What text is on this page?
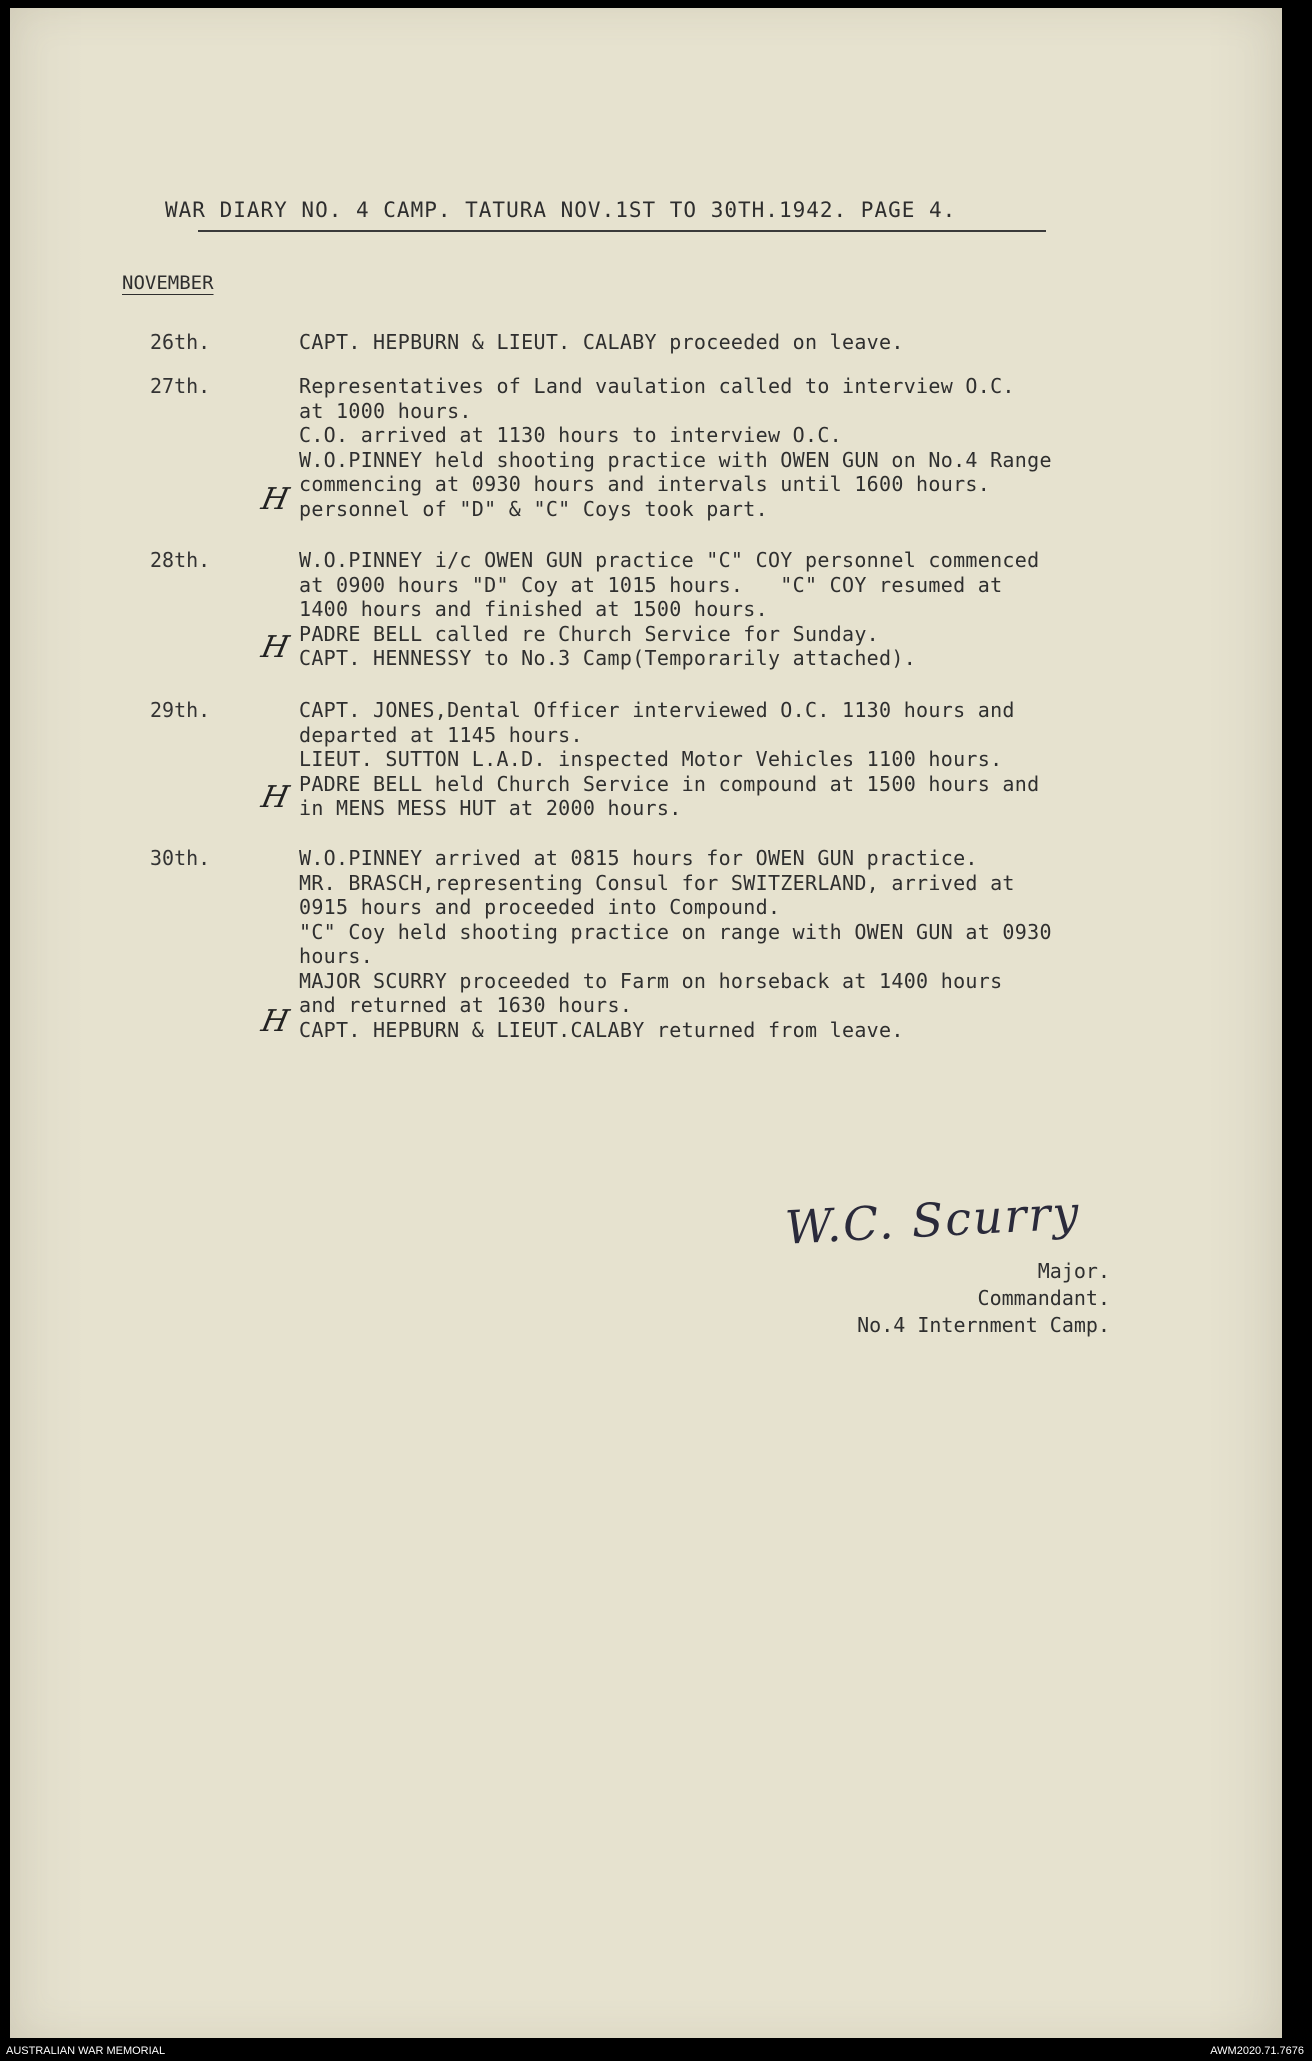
WAR DIARY NO. 4 CAMP. TATURA NOV.1ST TO 30TH.1942. PAGE 4.
NOVEMBER
26th.	CAPT. HEPBURN & LIEUT. CALABY proceeded on leave.
27th.	Representatives of Land vaulation called to interview O.C.
at 1000 hours.
C.O. arrived at 1130 hours to interview O.C.
W.O.PINNEY held shooting practice with OWEN GUN on No.4 Range
commencing at 0930 hours and intervals until 1600 hours.
personnel of "D" & "C" Coys took part.
H
28th.	W.O.PINNEY i/c OWEN GUN practice "C" COY personnel commenced
at 0900 hours "D" Coy at 1015 hours.   "C" COY resumed at
1400 hours and finished at 1500 hours.
PADRE BELL called re Church Service for Sunday.
CAPT. HENNESSY to No.3 Camp(Temporarily attached).
H
29th.	CAPT. JONES,Dental Officer interviewed O.C. 1130 hours and
departed at 1145 hours.
LIEUT. SUTTON L.A.D. inspected Motor Vehicles 1100 hours.
PADRE BELL held Church Service in compound at 1500 hours and
in MENS MESS HUT at 2000 hours.
H
30th.	W.O.PINNEY arrived at 0815 hours for OWEN GUN practice.
MR. BRASCH,representing Consul for SWITZERLAND, arrived at
0915 hours and proceeded into Compound.
"C" Coy held shooting practice on range with OWEN GUN at 0930
hours.
MAJOR SCURRY proceeded to Farm on horseback at 1400 hours
and returned at 1630 hours.
CAPT. HEPBURN & LIEUT.CALABY returned from leave.
H
W.C. Scurry
Major.
Commandant.
No.4 Internment Camp.
AUSTRALIAN WAR MEMORIAL	AWM2020.71.7676
